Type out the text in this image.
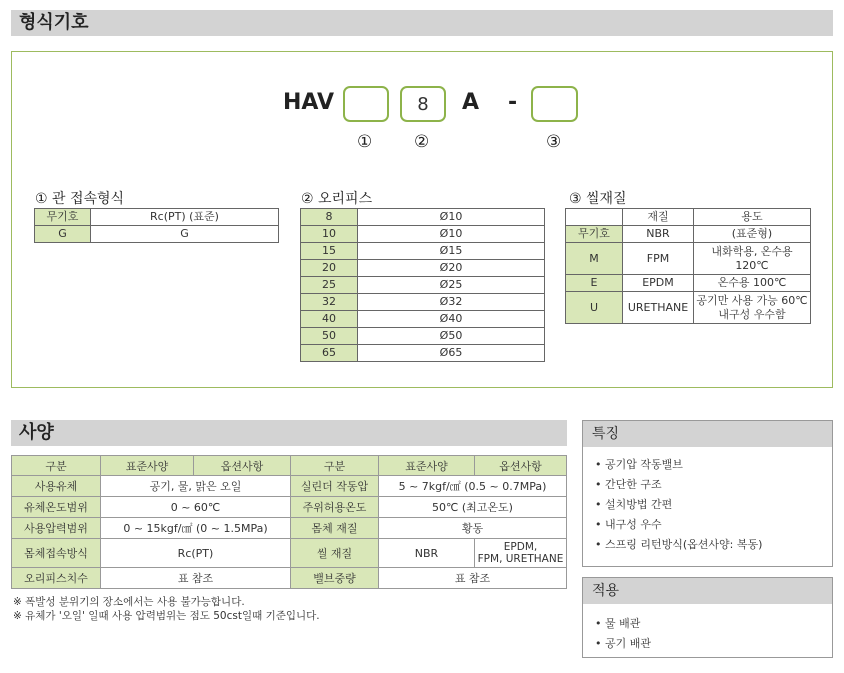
형식기호
HAV	8 A -
① ②	③
① 관 접속형식
무기호	Rc(PT) (표준)
G	G
② 오리피스
8	Ø10
10	Ø10
15	Ø15
20	Ø20
25	Ø25
32	Ø32
40	Ø40
50	Ø50
65	Ø65
③ 씰재질
	재질	용도
무기호	NBR	(표준형)
M	FPM	내화학용, 온수용
120℃
E	EPDM	온수용 100℃
U	URETHANE	공기만 사용 가능 60℃
내구성 우수함
사양
구분	표준사양	옵션사항	구분	표준사양	옵션사항
사용유체	공기, 물, 맑은 오일		실린더 작동압	5 ~ 7kgf/㎠ (0.5 ~ 0.7MPa)	
유체온도범위	0 ~ 60℃		주위허용온도	50℃ (최고온도)	
사용압력범위	0 ~ 15kgf/㎠ (0 ~ 1.5MPa)		몸체 재질	황동	
몸체접속방식	Rc(PT)		씰 재질	NBR	EPDM,
FPM, URETHANE
오리피스치수	표 참조		밸브중량	표 참조	
※ 폭발성 분위기의 장소에서는 사용 불가능합니다.
※ 유체가 '오일' 일때 사용 압력범위는 점도 50cst일때 기준입니다.
특징
• 공기압 작동밸브
• 간단한 구조
• 설치방법 간편
• 내구성 우수
• 스프링 리턴방식(옵션사양: 복동)
적용
• 물 배관
• 공기 배관
